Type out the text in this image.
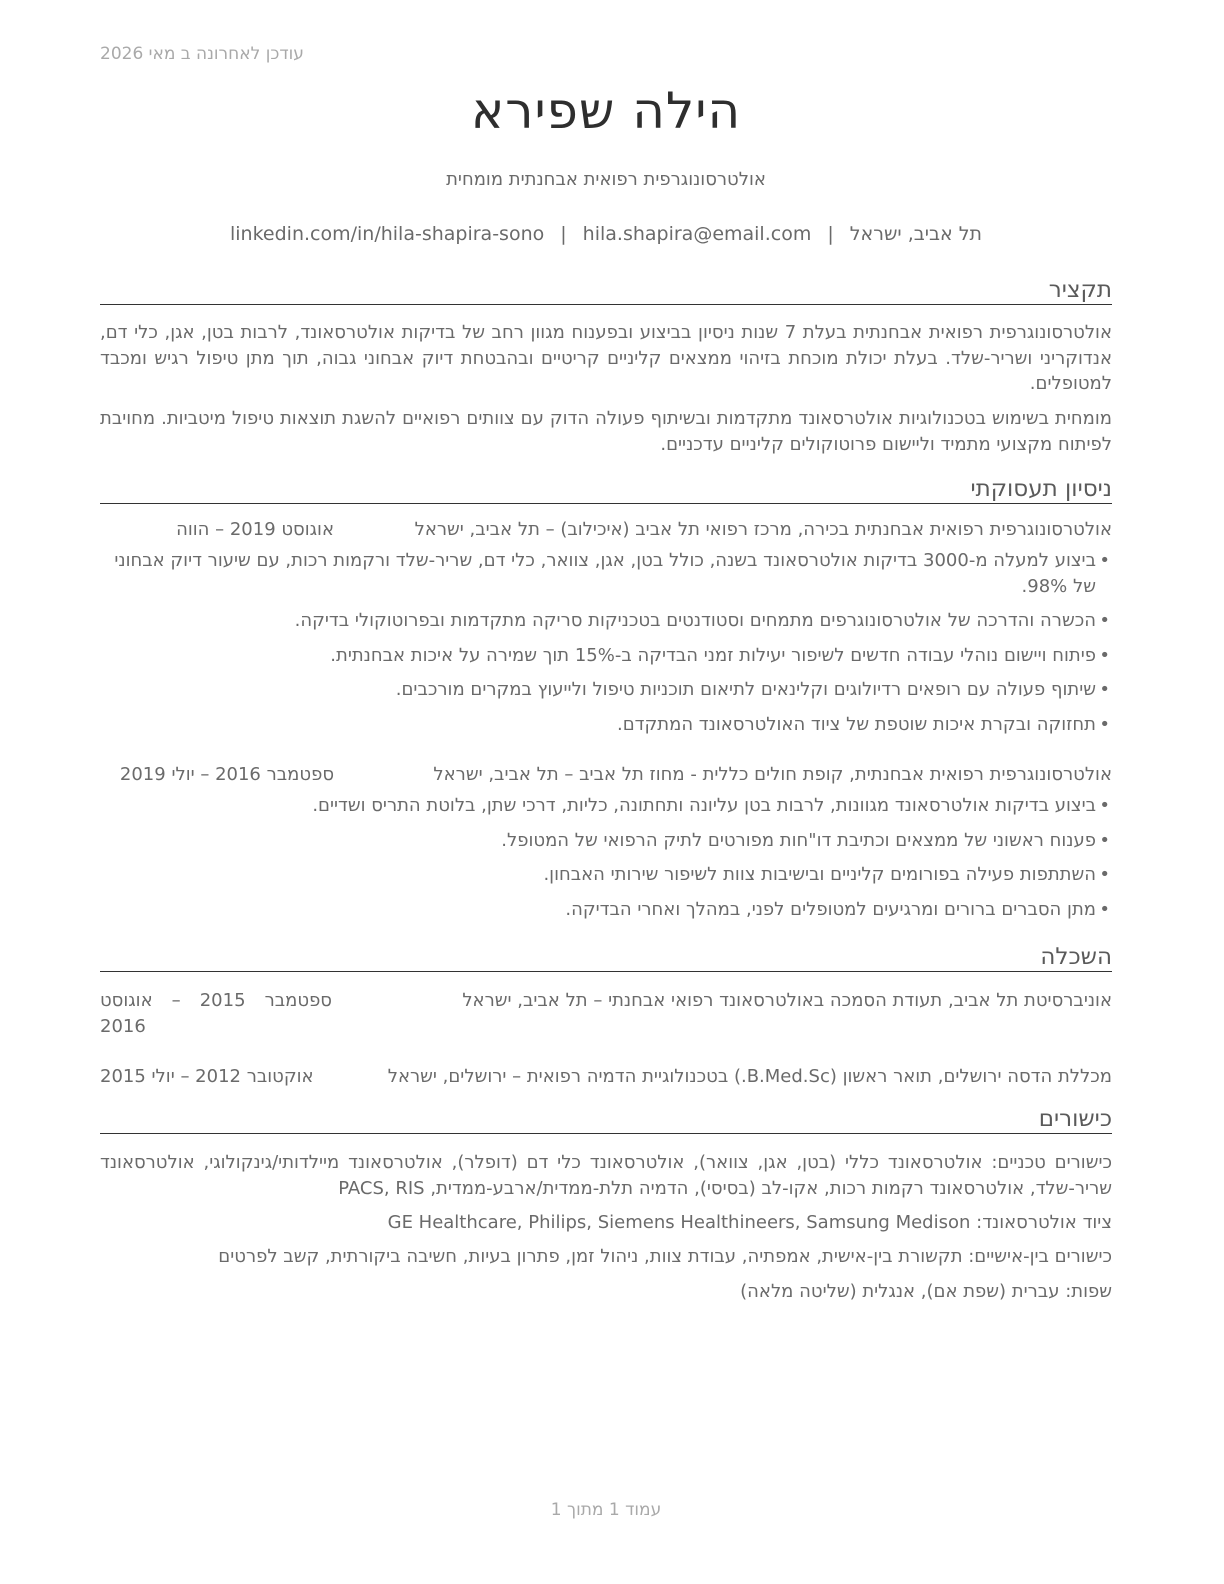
עודכן לאחרונה ב מאי 2026
הילה שפירא
אולטרסונוגרפית רפואית אבחנתית מומחית
תל אביב, ישראל|hila.shapira@email.com|linkedin.com/in/hila-shapira-sono
תקציר
אולטרסונוגרפית רפואית אבחנתית בעלת 7 שנות ניסיון בביצוע ובפענוח מגוון רחב של בדיקות אולטרסאונד, לרבות בטן, אגן, כלי דם, אנדוקריני ושריר-שלד. בעלת יכולת מוכחת בזיהוי ממצאים קליניים קריטיים ובהבטחת דיוק אבחוני גבוה, תוך מתן טיפול רגיש ומכבד למטופלים.
מומחית בשימוש בטכנולוגיות אולטרסאונד מתקדמות ובשיתוף פעולה הדוק עם צוותים רפואיים להשגת תוצאות טיפול מיטביות. מחויבת לפיתוח מקצועי מתמיד וליישום פרוטוקולים קליניים עדכניים.
ניסיון תעסוקתי
אולטרסונוגרפית רפואית אבחנתית בכירה, מרכז רפואי תל אביב (איכילוב) – תל אביב, ישראל
אוגוסט 2019 – הווה
•
ביצוע למעלה מ-3000 בדיקות אולטרסאונד בשנה, כולל בטן, אגן, צוואר, כלי דם, שריר-שלד ורקמות רכות, עם שיעור דיוק אבחוני של 98%.
•
הכשרה והדרכה של אולטרסונוגרפים מתמחים וסטודנטים בטכניקות סריקה מתקדמות ובפרוטוקולי בדיקה.
•
פיתוח ויישום נוהלי עבודה חדשים לשיפור יעילות זמני הבדיקה ב-15% תוך שמירה על איכות אבחנתית.
•
שיתוף פעולה עם רופאים רדיולוגים וקלינאים לתיאום תוכניות טיפול ולייעוץ במקרים מורכבים.
•
תחזוקה ובקרת איכות שוטפת של ציוד האולטרסאונד המתקדם.
אולטרסונוגרפית רפואית אבחנתית, קופת חולים כללית - מחוז תל אביב – תל אביב, ישראל
ספטמבר 2016 – יולי 2019
•
ביצוע בדיקות אולטרסאונד מגוונות, לרבות בטן עליונה ותחתונה, כליות, דרכי שתן, בלוטת התריס ושדיים.
•
פענוח ראשוני של ממצאים וכתיבת דו"חות מפורטים לתיק הרפואי של המטופל.
•
השתתפות פעילה בפורומים קליניים ובישיבות צוות לשיפור שירותי האבחון.
•
מתן הסברים ברורים ומרגיעים למטופלים לפני, במהלך ואחרי הבדיקה.
השכלה
אוניברסיטת תל אביב, תעודת הסמכה באולטרסאונד רפואי אבחנתי – תל אביב, ישראל
ספטמבר 2015 – אוגוסט 2016
מכללת הדסה ירושלים, תואר ראשון (B.Med.Sc.) בטכנולוגיית הדמיה רפואית – ירושלים, ישראל
אוקטובר 2012 – יולי 2015
כישורים
כישורים טכניים: אולטרסאונד כללי (בטן, אגן, צוואר), אולטרסאונד כלי דם (דופלר), אולטרסאונד מיילדותי/גינקולוגי, אולטרסאונד שריר-שלד, אולטרסאונד רקמות רכות, אקו-לב (בסיסי), הדמיה תלת-ממדית/ארבע-ממדית, PACS, RIS
ציוד אולטרסאונד: GE Healthcare, Philips, Siemens Healthineers, Samsung Medison
כישורים בין-אישיים: תקשורת בין-אישית, אמפתיה, עבודת צוות, ניהול זמן, פתרון בעיות, חשיבה ביקורתית, קשב לפרטים
שפות: עברית (שפת אם), אנגלית (שליטה מלאה)
עמוד 1 מתוך 1
